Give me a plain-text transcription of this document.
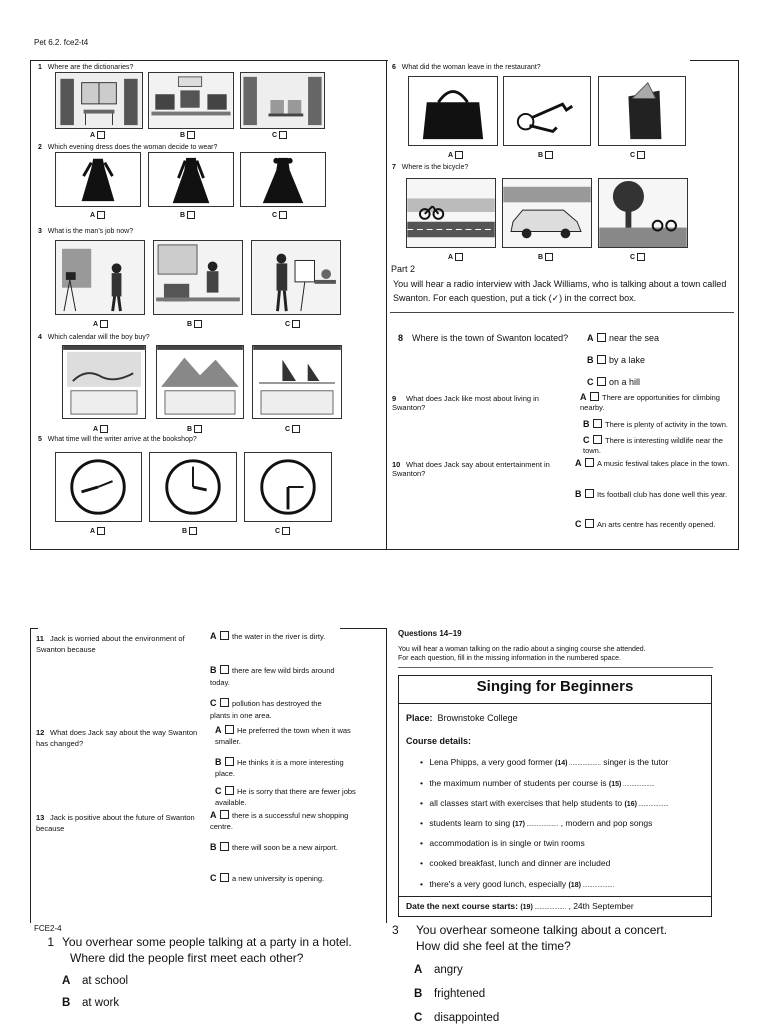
Pet 6.2. fce2-t4
1 Where are the dictionaries?
A	B	C
2 Which evening dress does the woman decide to wear?
A	B	C
3 What is the man's job now?
A	B	C
4 Which calendar will the boy buy?
A	B	C
5 What time will the writer arrive at the bookshop?
A	B	C
6 What did the woman leave in the restaurant?
A	B	C
7 Where is the bicycle?
A	B	C
Part 2
You will hear a radio interview with Jack Williams, who is talking about a town called Swanton. For each question, put a tick (✓) in the correct box.
8 Where is the town of Swanton located?	A near the sea
B by a lake
C on a hill
9 What does Jack like most about living in Swanton?
A There are opportunities for climbing nearby.
B There is plenty of activity in the town.
C There is interesting wildlife near the town.
10 What does Jack say about entertainment in Swanton?
A A music festival takes place in the town.
B Its football club has done well this year.
C An arts centre has recently opened.
11 Jack is worried about the environment of Swanton because
A the water in the river is dirty.
B there are few wild birds around today.
C pollution has destroyed the plants in one area.
12 What does Jack say about the way Swanton has changed?
A He preferred the town when it was smaller.
B He thinks it is a more interesting place.
C He is sorry that there are fewer jobs available.
13 Jack is positive about the future of Swanton because
A there is a successful new shopping centre.
B there will soon be a new airport.
C a new university is opening.
Questions 14–19
You will hear a woman talking on the radio about a singing course she attended.
For each question, fill in the missing information in the numbered space.
Singing for Beginners
Place: Brownstoke College
Course details:
• Lena Phipps, a very good former (14) ................... singer is the tutor
• the maximum number of students per course is (15) ...................
• all classes start with exercises that help students to (16) ..................
• students learn to sing (17) ................... , modern and pop songs
• accommodation is in single or twin rooms
• cooked breakfast, lunch and dinner are included
• there's a very good lunch, especially (18) ...................
Date the next course starts: (19) ................... , 24th September
FCE2-4
1 You overhear some people talking at a party in a hotel.
Where did the people first meet each other?
A at school
B at work
3 You overhear someone talking about a concert.
How did she feel at the time?
A angry
B frightened
C disappointed
